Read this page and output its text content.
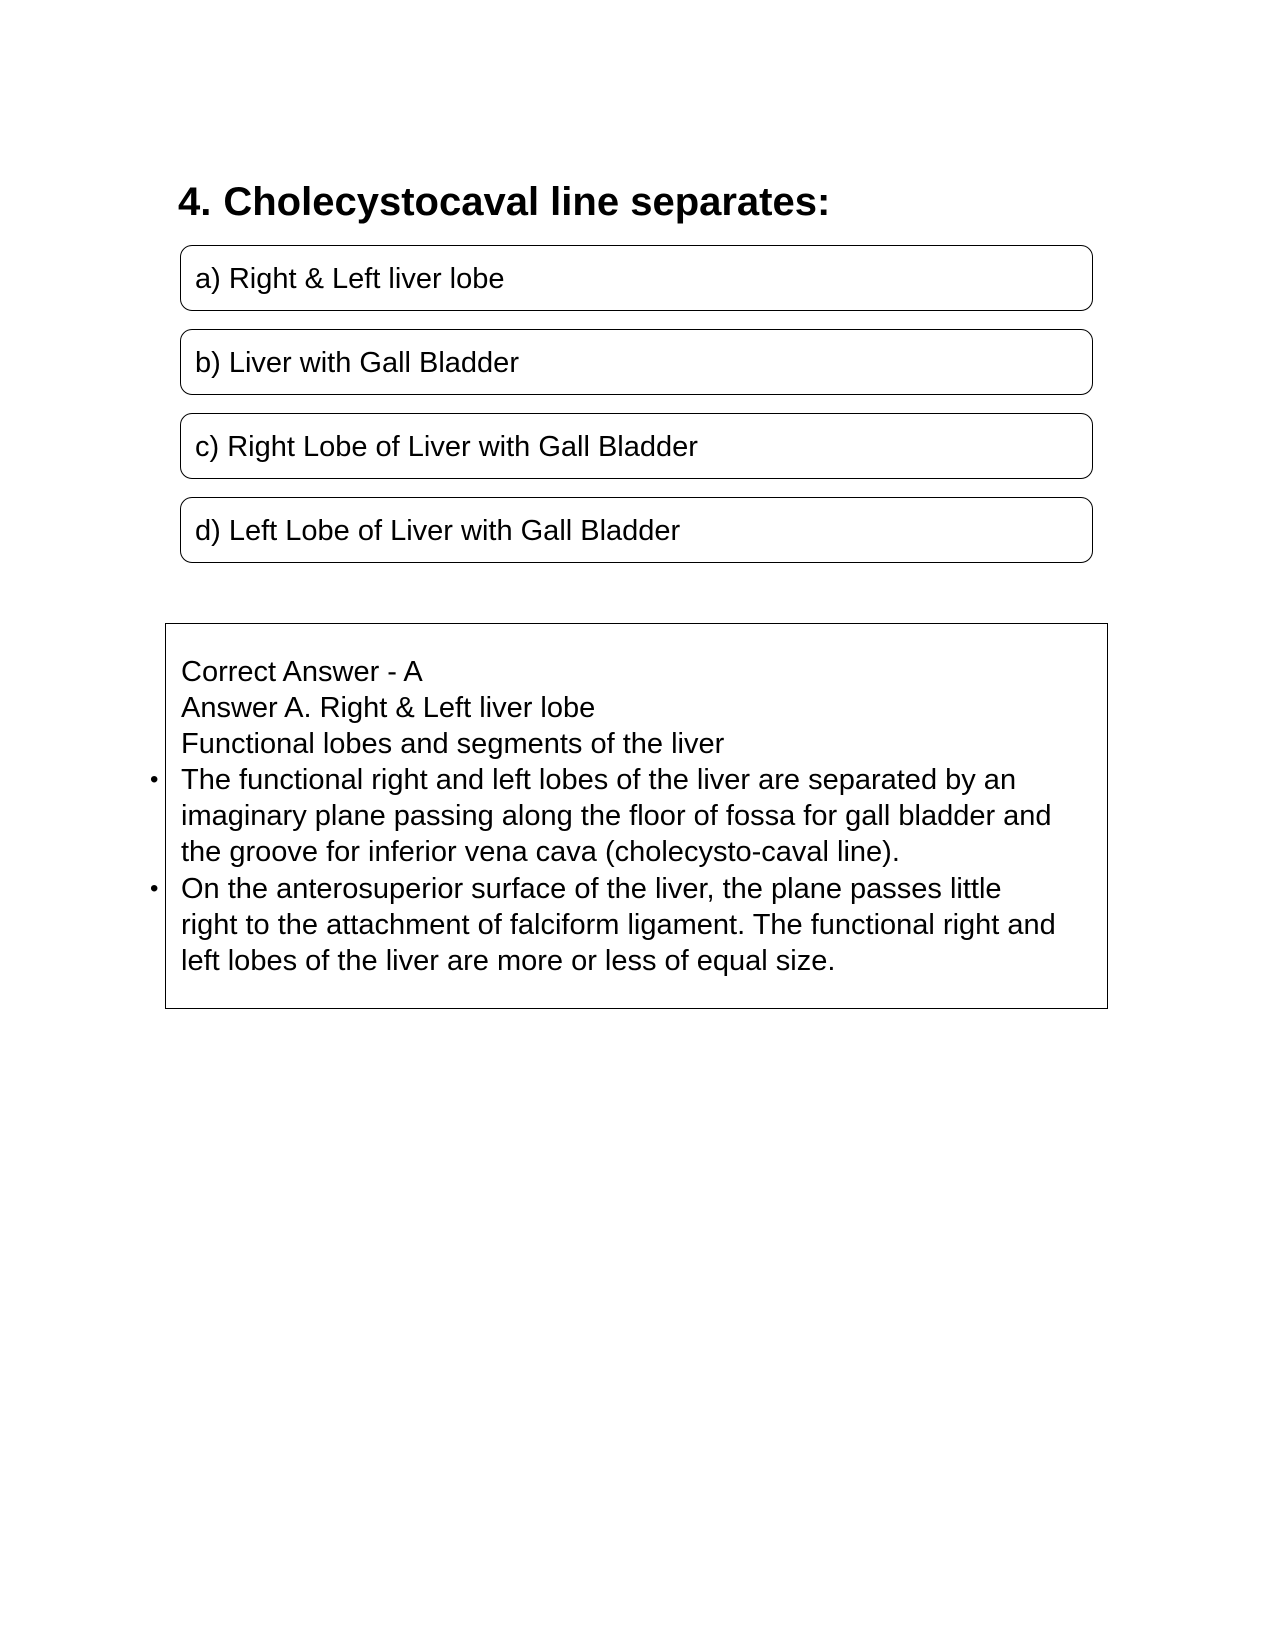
4. Cholecystocaval line separates:
a) Right & Left liver lobe
b) Liver with Gall Bladder
c) Right Lobe of Liver with Gall Bladder
d) Left Lobe of Liver with Gall Bladder
Correct Answer - A
Answer A. Right & Left liver lobe
Functional lobes and segments of the liver
• The functional right and left lobes of the liver are separated by an
imaginary plane passing along the floor of fossa for gall bladder and
the groove for inferior vena cava (cholecysto-caval line).
• On the anterosuperior surface of the liver, the plane passes little
right to the attachment of falciform ligament. The functional right and
left lobes of the liver are more or less of equal size.
